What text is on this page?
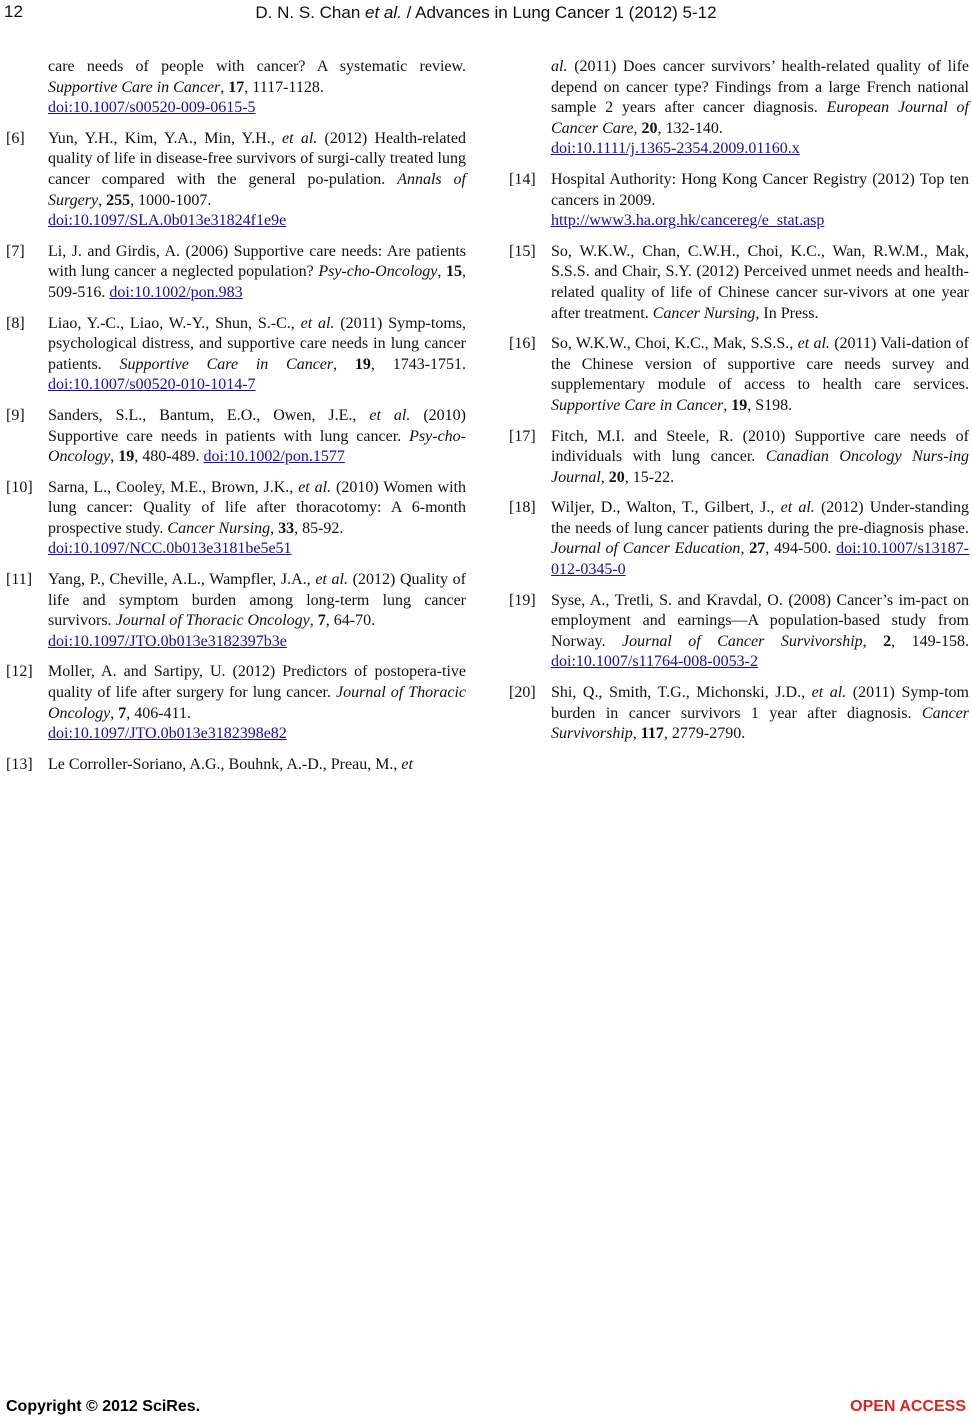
12	D. N. S. Chan et al. / Advances in Lung Cancer 1 (2012) 5-12
care needs of people with cancer? A systematic review. Supportive Care in Cancer, 17, 1117-1128.
doi:10.1007/s00520-009-0615-5
[6] Yun, Y.H., Kim, Y.A., Min, Y.H., et al. (2012) Health-related quality of life in disease-free survivors of surgi-cally treated lung cancer compared with the general po-pulation. Annals of Surgery, 255, 1000-1007.
doi:10.1097/SLA.0b013e31824f1e9e
[7] Li, J. and Girdis, A. (2006) Supportive care needs: Are patients with lung cancer a neglected population? Psy-cho-Oncology, 15, 509-516. doi:10.1002/pon.983
[8] Liao, Y.-C., Liao, W.-Y., Shun, S.-C., et al. (2011) Symp-toms, psychological distress, and supportive care needs in lung cancer patients. Supportive Care in Cancer, 19, 1743-1751. doi:10.1007/s00520-010-1014-7
[9] Sanders, S.L., Bantum, E.O., Owen, J.E., et al. (2010) Supportive care needs in patients with lung cancer. Psy-cho-Oncology, 19, 480-489. doi:10.1002/pon.1577
[10] Sarna, L., Cooley, M.E., Brown, J.K., et al. (2010) Women with lung cancer: Quality of life after thoracotomy: A 6-month prospective study. Cancer Nursing, 33, 85-92.
doi:10.1097/NCC.0b013e3181be5e51
[11] Yang, P., Cheville, A.L., Wampfler, J.A., et al. (2012) Quality of life and symptom burden among long-term lung cancer survivors. Journal of Thoracic Oncology, 7, 64-70.
doi:10.1097/JTO.0b013e3182397b3e
[12] Moller, A. and Sartipy, U. (2012) Predictors of postopera-tive quality of life after surgery for lung cancer. Journal of Thoracic Oncology, 7, 406-411.
doi:10.1097/JTO.0b013e3182398e82
[13] Le Corroller-Soriano, A.G., Bouhnk, A.-D., Preau, M., et
al. (2011) Does cancer survivors’ health-related quality of life depend on cancer type? Findings from a large French national sample 2 years after cancer diagnosis. European Journal of Cancer Care, 20, 132-140.
doi:10.1111/j.1365-2354.2009.01160.x
[14] Hospital Authority: Hong Kong Cancer Registry (2012) Top ten cancers in 2009.
http://www3.ha.org.hk/cancereg/e_stat.asp
[15] So, W.K.W., Chan, C.W.H., Choi, K.C., Wan, R.W.M., Mak, S.S.S. and Chair, S.Y. (2012) Perceived unmet needs and health-related quality of life of Chinese cancer sur-vivors at one year after treatment. Cancer Nursing, In Press.
[16] So, W.K.W., Choi, K.C., Mak, S.S.S., et al. (2011) Vali-dation of the Chinese version of supportive care needs survey and supplementary module of access to health care services. Supportive Care in Cancer, 19, S198.
[17] Fitch, M.I. and Steele, R. (2010) Supportive care needs of individuals with lung cancer. Canadian Oncology Nurs-ing Journal, 20, 15-22.
[18] Wiljer, D., Walton, T., Gilbert, J., et al. (2012) Under-standing the needs of lung cancer patients during the pre-diagnosis phase. Journal of Cancer Education, 27, 494-500. doi:10.1007/s13187-012-0345-0
[19] Syse, A., Tretli, S. and Kravdal, O. (2008) Cancer’s im-pact on employment and earnings—A population-based study from Norway. Journal of Cancer Survivorship, 2, 149-158. doi:10.1007/s11764-008-0053-2
[20] Shi, Q., Smith, T.G., Michonski, J.D., et al. (2011) Symp-tom burden in cancer survivors 1 year after diagnosis. Cancer Survivorship, 117, 2779-2790.
Copyright © 2012 SciRes.	OPEN ACCESS
